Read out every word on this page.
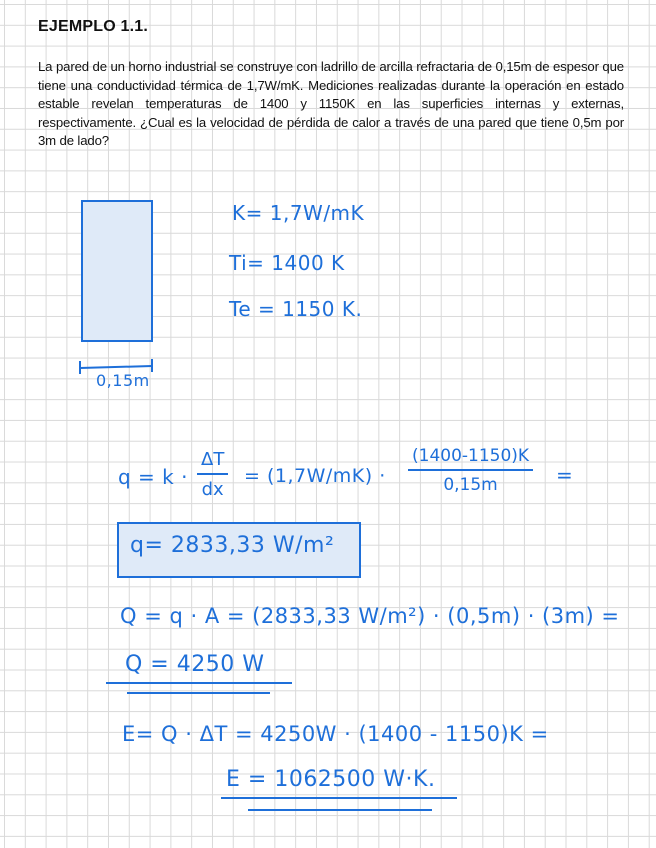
EJEMPLO 1.1.

La pared de un horno industrial se construye con ladrillo de arcilla refractaria de 0,15m de espesor que tiene una conductividad térmica de 1,7W/mK. Mediciones realizadas durante la operación en estado estable revelan temperaturas de 1400 y 1150K en las superficies internas y externas, respectivamente. ¿Cual es la velocidad de pérdida de calor a través de una pared que tiene 0,5m por 3m de lado?

0,15m
K= 1,7W/mK
Ti= 1400 K
Te = 1150 K.
$q = k \cdot \frac{\Delta T}{dx} = (1,7W/mK) \cdot \frac{(1400-1150)K}{0,15m}$ =
q= 2833,33 W/m²
Q = q · A = (2833,33 W/m²) · (0,5m) · (3m) =
Q = 4250 W
E= Q · ΔT = 4250W · (1400 - 1150)K =
E = 1062500 W·K.
